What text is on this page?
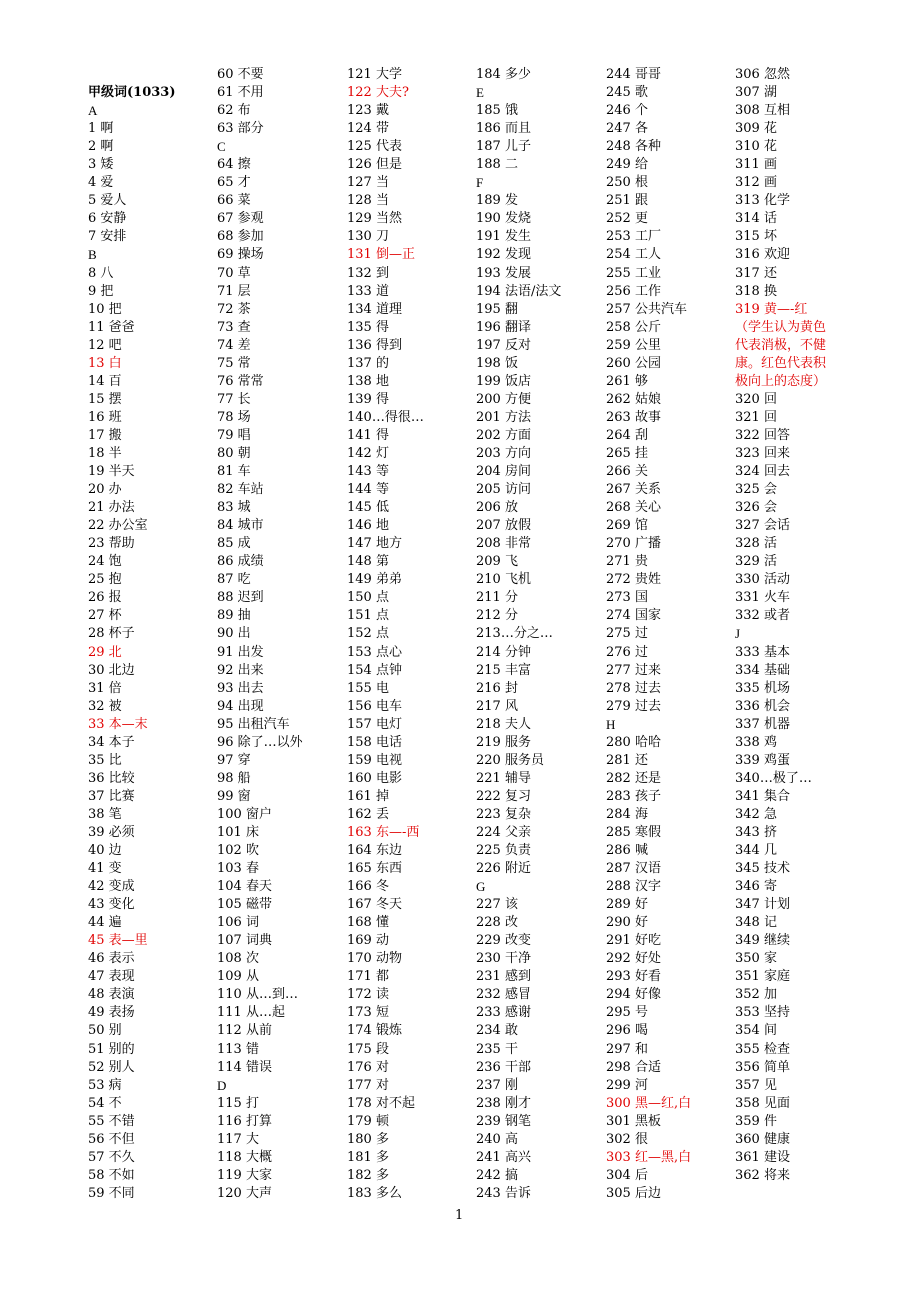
甲级词(1033)
A
1 啊
2 啊
3 矮
4 爱
5 爱人
6 安静
7 安排
B
8 八
9 把
10 把
11 爸爸
12 吧
13 白
14 百
15 摆
16 班
17 搬
18 半
19 半天
20 办
21 办法
22 办公室
23 帮助
24 饱
25 抱
26 报
27 杯
28 杯子
29 北
30 北边
31 倍
32 被
33 本—末
34 本子
35 比
36 比较
37 比赛
38 笔
39 必须
40 边
41 变
42 变成
43 变化
44 遍
45 表—里
46 表示
47 表现
48 表演
49 表扬
50 别
51 别的
52 别人
53 病
54 不
55 不错
56 不但
57 不久
58 不如
59 不同
60 不要
61 不用
62 布
63 部分
C
64 擦
65 才
66 菜
67 参观
68 参加
69 操场
70 草
71 层
72 茶
73 查
74 差
75 常
76 常常
77 长
78 场
79 唱
80 朝
81 车
82 车站
83 城
84 城市
85 成
86 成绩
87 吃
88 迟到
89 抽
90 出
91 出发
92 出来
93 出去
94 出现
95 出租汽车
96 除了…以外
97 穿
98 船
99 窗
100 窗户
101 床
102 吹
103 春
104 春天
105 磁带
106 词
107 词典
108 次
109 从
110 从…到…
111 从…起
112 从前
113 错
114 错误
D
115 打
116 打算
117 大
118 大概
119 大家
120 大声
121 大学
122 大夫?
123 戴
124 带
125 代表
126 但是
127 当
128 当
129 当然
130 刀
131 倒—正
132 到
133 道
134 道理
135 得
136 得到
137 的
138 地
139 得
140…得很…
141 得
142 灯
143 等
144 等
145 低
146 地
147 地方
148 第
149 弟弟
150 点
151 点
152 点
153 点心
154 点钟
155 电
156 电车
157 电灯
158 电话
159 电视
160 电影
161 掉
162 丢
163 东—-西
164 东边
165 东西
166 冬
167 冬天
168 懂
169 动
170 动物
171 都
172 读
173 短
174 锻炼
175 段
176 对
177 对
178 对不起
179 顿
180 多
181 多
182 多
183 多么
184 多少
E
185 饿
186 而且
187 儿子
188 二
F
189 发
190 发烧
191 发生
192 发现
193 发展
194 法语/法文
195 翻
196 翻译
197 反对
198 饭
199 饭店
200 方便
201 方法
202 方面
203 方向
204 房间
205 访问
206 放
207 放假
208 非常
209 飞
210 飞机
211 分
212 分
213…分之…
214 分钟
215 丰富
216 封
217 风
218 夫人
219 服务
220 服务员
221 辅导
222 复习
223 复杂
224 父亲
225 负责
226 附近
G
227 该
228 改
229 改变
230 干净
231 感到
232 感冒
233 感谢
234 敢
235 干
236 干部
237 刚
238 刚才
239 钢笔
240 高
241 高兴
242 搞
243 告诉
244 哥哥
245 歌
246 个
247 各
248 各种
249 给
250 根
251 跟
252 更
253 工厂
254 工人
255 工业
256 工作
257 公共汽车
258 公斤
259 公里
260 公园
261 够
262 姑娘
263 故事
264 刮
265 挂
266 关
267 关系
268 关心
269 馆
270 广播
271 贵
272 贵姓
273 国
274 国家
275 过
276 过
277 过来
278 过去
279 过去
H
280 哈哈
281 还
282 还是
283 孩子
284 海
285 寒假
286 喊
287 汉语
288 汉字
289 好
290 好
291 好吃
292 好处
293 好看
294 好像
295 号
296 喝
297 和
298 合适
299 河
300 黑—红,白
301 黑板
302 很
303 红—黑,白
304 后
305 后边
306 忽然
307 湖
308 互相
309 花
310 花
311 画
312 画
313 化学
314 话
315 坏
316 欢迎
317 还
318 换
319 黄—-红
（学生认为黄色代表消极，不健康。红色代表积极向上的态度）
320 回
321 回
322 回答
323 回来
324 回去
325 会
326 会
327 会话
328 活
329 活
330 活动
331 火车
332 或者
J
333 基本
334 基础
335 机场
336 机会
337 机器
338 鸡
339 鸡蛋
340…极了…
341 集合
342 急
343 挤
344 几
345 技术
346 寄
347 计划
348 记
349 继续
350 家
351 家庭
352 加
353 坚持
354 间
355 检查
356 简单
357 见
358 见面
359 件
360 健康
361 建设
362 将来
1
